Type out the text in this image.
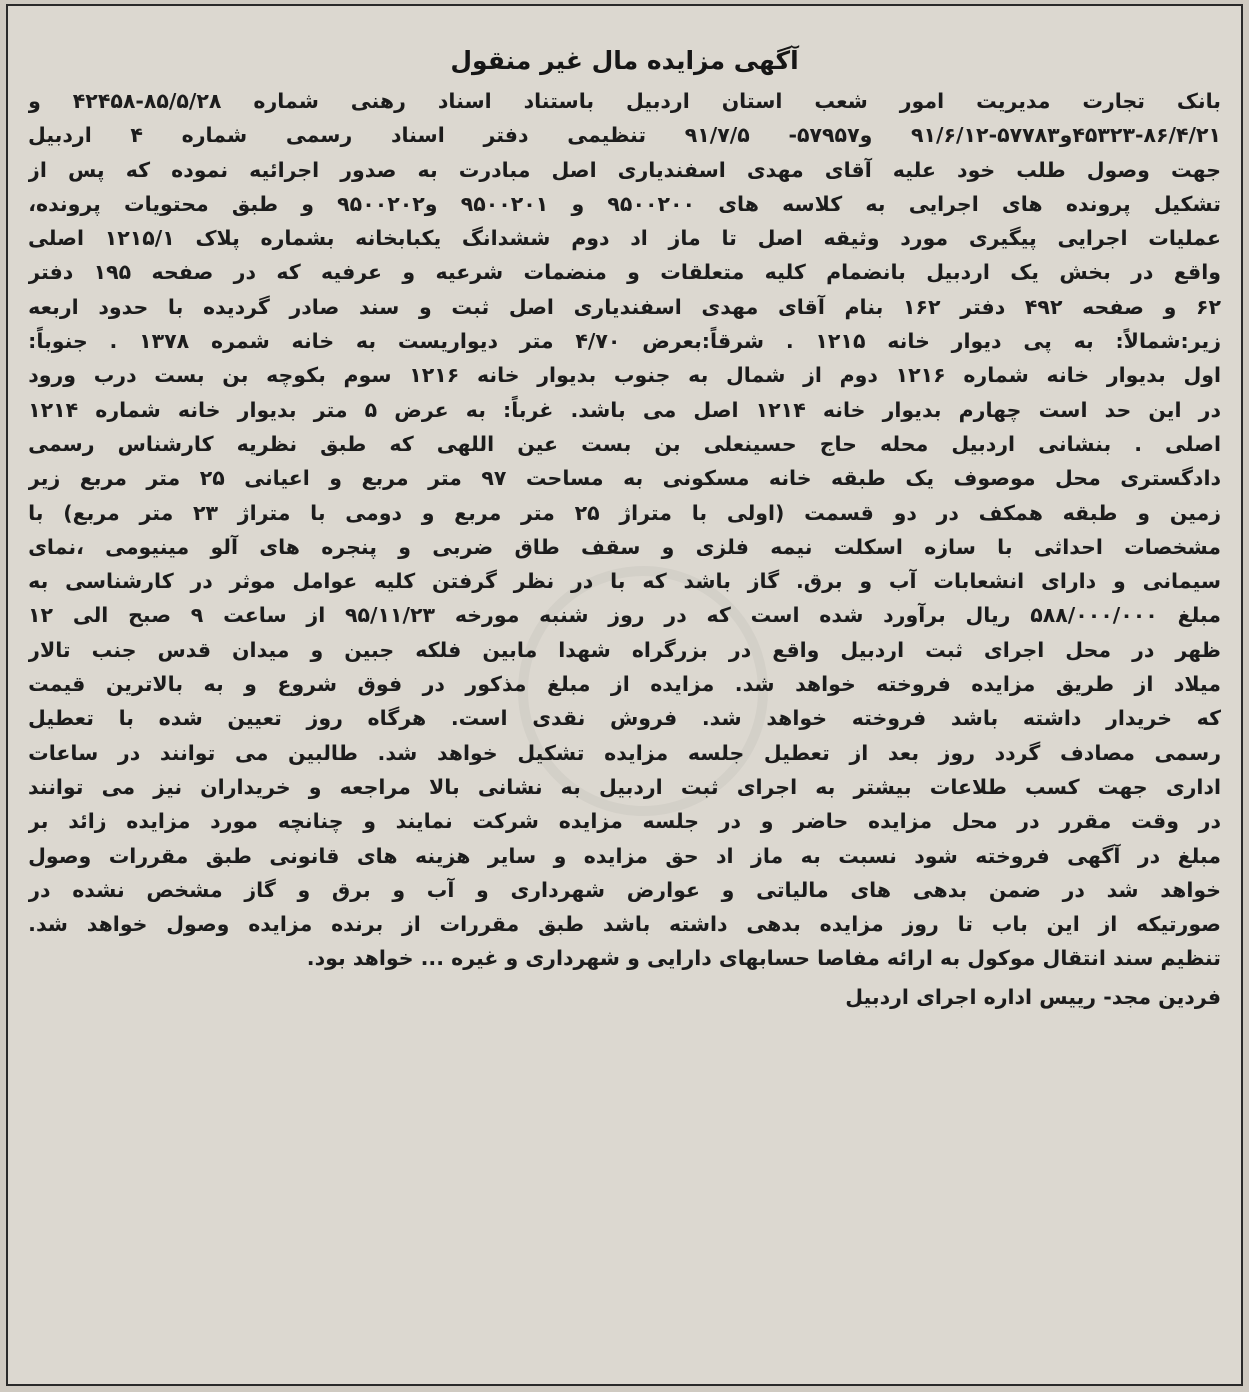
آگهی مزایده مال غیر منقول
بانک
تجارت
مدیریت
امور
شعب
استان
اردبیل
باستناد
اسناد
رهنی
شماره
۴۲۴۵۸-۸۵/۵/۲۸
و
۴۵۳۲۳-۸۶/۴/۲۱و۵۷۷۸۳-۹۱/۶/۱۲
و۵۷۹۵۷-
۹۱/۷/۵
تنظیمی
دفتر
اسناد
رسمی
شماره
۴
اردبیل
جهت
وصول
طلب
خود
علیه
آقای
مهدی
اسفندیاری
اصل
مبادرت
به
صدور
اجرائیه
نموده
که
پس
از
تشکیل
پرونده
های
اجرایی
به
کلاسه
های
۹۵۰۰۲۰۰
و
۹۵۰۰۲۰۱
و۹۵۰۰۲۰۲
و
طبق
محتویات
پرونده،
عملیات
اجرایی
پیگیری
مورد
وثیقه
اصل
تا
ماز
اد
دوم
ششدانگ
یکبابخانه
بشماره
پلاک
۱۲۱۵/۱
اصلی
واقع
در
بخش
یک
اردبیل
بانضمام
کلیه
متعلقات
و
منضمات
شرعیه
و
عرفیه
که
در
صفحه
۱۹۵
دفتر
۶۲
و
صفحه
۴۹۲
دفتر
۱۶۲
بنام
آقای
مهدی
اسفندیاری
اصل
ثبت
و
سند
صادر
گردیده
با
حدود
اربعه
زیر:شمالاً:
به
پی
دیوار
خانه
۱۲۱۵
.
شرقاً:بعرض
۴/۷۰
متر
دیواریست
به
خانه
شمره
۱۳۷۸
.
جنوباً:
اول
بدیوار
خانه
شماره
۱۲۱۶
دوم
از
شمال
به
جنوب
بدیوار
خانه
۱۲۱۶
سوم
بکوچه
بن
بست
درب
ورود
در
این
حد
است
چهارم
بدیوار
خانه
۱۲۱۴
اصل
می
باشد.
غرباً:
به
عرض
۵
متر
بدیوار
خانه
شماره
۱۲۱۴
اصلی
.
بنشانی
اردبیل
محله
حاج
حسینعلی
بن
بست
عین
اللهی
که
طبق
نظریه
کارشناس
رسمی
دادگستری
محل
موصوف
یک
طبقه
خانه
مسکونی
به
مساحت
۹۷
متر
مربع
و
اعیانی
۲۵
متر
مربع
زیر
زمین
و
طبقه
همکف
در
دو
قسمت
(اولی
با
متراژ
۲۵
متر
مربع
و
دومی
با
متراژ
۲۳
متر
مربع)
با
مشخصات
احداثی
با
سازه
اسکلت
نیمه
فلزی
و
سقف
طاق
ضربی
و
پنجره
های
آلو
مینیومی
،نمای
سیمانی
و
دارای
انشعابات
آب
و
برق.
گاز
باشد
که
با
در
نظر
گرفتن
کلیه
عوامل
موثر
در
کارشناسی
به
مبلغ
۵۸۸/۰۰۰/۰۰۰
ریال
برآورد
شده
است
که
در
روز
شنبه
مورخه
۹۵/۱۱/۲۳
از
ساعت
۹
صبح
الی
۱۲
ظهر
در
محل
اجرای
ثبت
اردبیل
واقع
در
بزرگراه
شهدا
مابین
فلکه
جبین
و
میدان
قدس
جنب
تالار
میلاد
از
طریق
مزایده
فروخته
خواهد
شد.
مزایده
از
مبلغ
مذکور
در
فوق
شروع
و
به
بالاترین
قیمت
که
خریدار
داشته
باشد
فروخته
خواهد
شد.
فروش
نقدی
است.
هرگاه
روز
تعیین
شده
با
تعطیل
رسمی
مصادف
گردد
روز
بعد
از
تعطیل
جلسه
مزایده
تشکیل
خواهد
شد.
طالبین
می
توانند
در
ساعات
اداری
جهت
کسب
طلاعات
بیشتر
به
اجرای
ثبت
اردبیل
به
نشانی
بالا
مراجعه
و
خریداران
نیز
می
توانند
در
وقت
مقرر
در
محل
مزایده
حاضر
و
در
جلسه
مزایده
شرکت
نمایند
و
چنانچه
مورد
مزایده
زائد
بر
مبلغ
در
آگهی
فروخته
شود
نسبت
به
ماز
اد
حق
مزایده
و
سایر
هزینه
های
قانونی
طبق
مقررات
وصول
خواهد
شد
در
ضمن
بدهی
های
مالیاتی
و
عوارض
شهرداری
و
آب
و
برق
و
گاز
مشخص
نشده
در
صورتیکه
از
این
باب
تا
روز
مزایده
بدهی
داشته
باشد
طبق
مقررات
از
برنده
مزایده
وصول
خواهد
شد.
تنظیم سند انتقال موکول به ارائه مفاصا حسابهای دارایی و شهرداری و غیره ... خواهد بود.
فردین مجد- رییس اداره اجرای اردبیل
